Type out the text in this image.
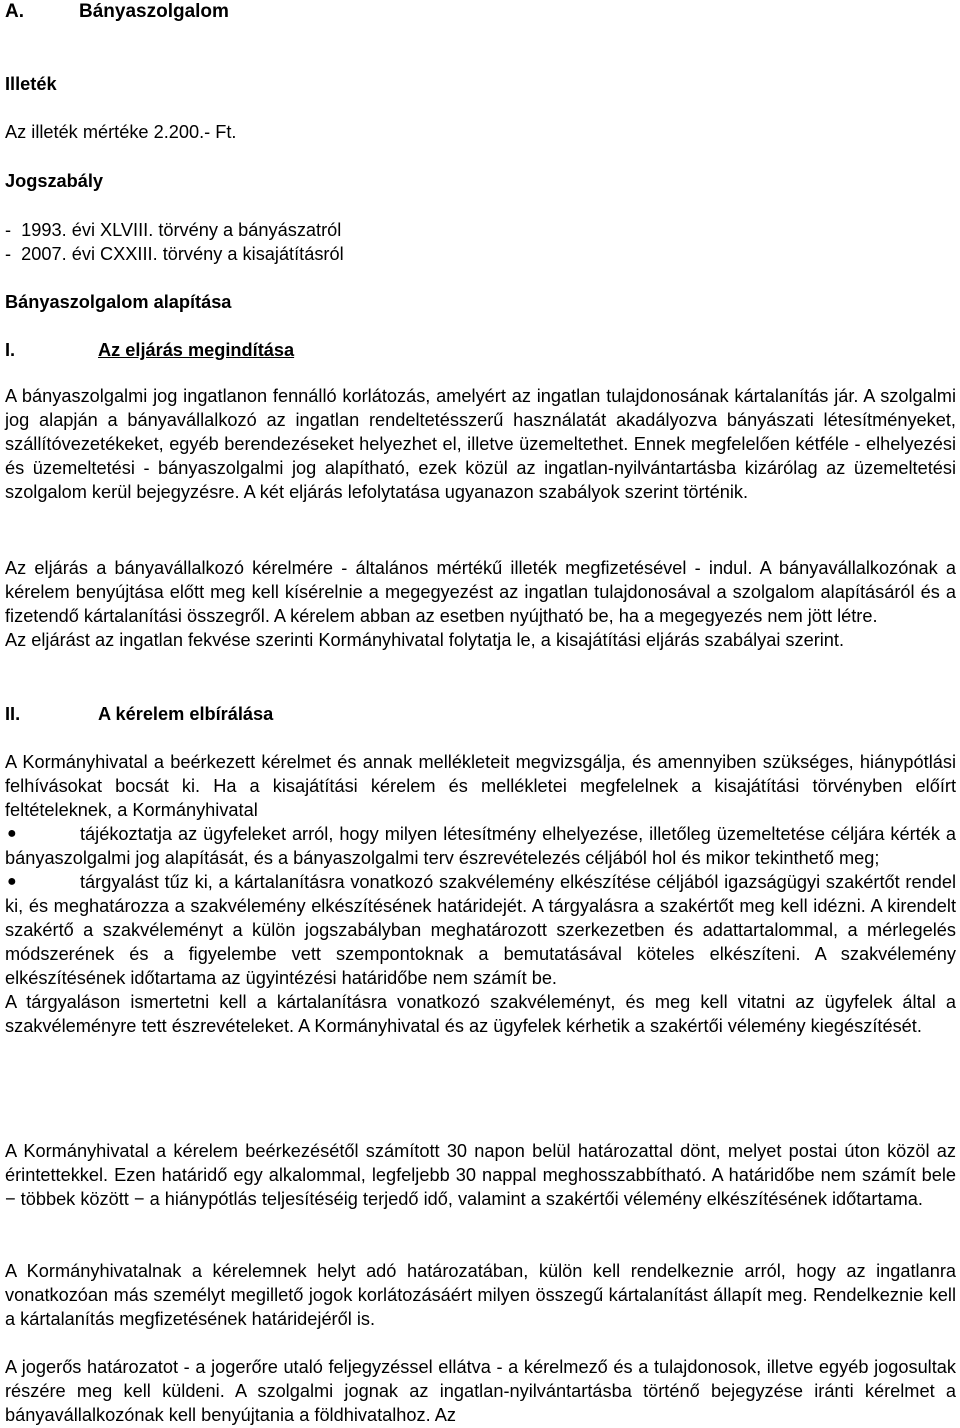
A.	Bányaszolgalom
Illeték
Az illeték mértéke 2.200.- Ft.
Jogszabály
-  1993. évi XLVIII. törvény a bányászatról
-  2007. évi CXXIII. törvény a kisajátításról
Bányaszolgalom alapítása
I.	Az eljárás megindítása

A bányaszolgalmi jog ingatlanon fennálló korlátozás, amelyért az ingatlan tulajdonosának kártalanítás jár. A szolgalmi jog alapján a bányavállalkozó az ingatlan rendeltetésszerű használatát akadályozva bányászati létesítményeket, szállítóvezetékeket, egyéb berendezéseket helyezhet el, illetve üzemeltethet. Ennek megfelelően kétféle - elhelyezési és üzemeltetési - bányaszolgalmi jog alapítható, ezek közül az ingatlan-nyilvántartásba kizárólag az üzemeltetési szolgalom kerül bejegyzésre. A két eljárás lefolytatása ugyanazon szabályok szerint történik.

Az eljárás a bányavállalkozó kérelmére - általános mértékű illeték megfizetésével - indul. A bányavállalkozónak a kérelem benyújtása előtt meg kell kísérelnie a megegyezést az ingatlan tulajdonosával a szolgalom alapításáról és a fizetendő kártalanítási összegről. A kérelem abban az esetben nyújtható be, ha a megegyezés nem jött létre.

Az eljárást az ingatlan fekvése szerinti Kormányhivatal folytatja le, a kisajátítási eljárás szabályai szerint.

II.	A kérelem elbírálása

A Kormányhivatal a beérkezett kérelmet és annak mellékleteit megvizsgálja, és amennyiben szükséges, hiánypótlási felhívásokat bocsát ki. Ha a kisajátítási kérelem és mellékletei megfelelnek a kisajátítási törvényben előírt feltételeknek, a Kormányhivatal

●	tájékoztatja az ügyfeleket arról, hogy milyen létesítmény elhelyezése, illetőleg üzemeltetése céljára kérték a bányaszolgalmi jog alapítását, és a bányaszolgalmi terv észrevételezés céljából hol és mikor tekinthető meg;
●	tárgyalást tűz ki, a kártalanításra vonatkozó szakvélemény elkészítése céljából igazságügyi szakértőt rendel ki, és meghatározza a szakvélemény elkészítésének határidejét. A tárgyalásra a szakértőt meg kell idézni. A kirendelt szakértő a szakvéleményt a külön jogszabályban meghatározott szerkezetben és adattartalommal, a mérlegelés módszerének és a figyelembe vett szempontoknak a bemutatásával köteles elkészíteni. A szakvélemény elkészítésének időtartama az ügyintézési határidőbe nem számít be.

A tárgyaláson ismertetni kell a kártalanításra vonatkozó szakvéleményt, és meg kell vitatni az ügyfelek által a szakvéleményre tett észrevételeket. A Kormányhivatal és az ügyfelek kérhetik a szakértői vélemény kiegészítését.

A Kormányhivatal a kérelem beérkezésétől számított 30 napon belül határozattal dönt, melyet postai úton közöl az érintettekkel. Ezen határidő egy alkalommal, legfeljebb 30 nappal meghosszabbítható. A határidőbe nem számít bele − többek között − a hiánypótlás teljesítéséig terjedő idő, valamint a szakértői vélemény elkészítésének időtartama.

A Kormányhivatalnak a kérelemnek helyt adó határozatában, külön kell rendelkeznie arról, hogy az ingatlanra vonatkozóan más személyt megillető jogok korlátozásáért milyen összegű kártalanítást állapít meg. Rendelkeznie kell a kártalanítás megfizetésének határidejéről is.

A jogerős határozatot - a jogerőre utaló feljegyzéssel ellátva - a kérelmező és a tulajdonosok, illetve egyéb jogosultak részére meg kell küldeni. A szolgalmi jognak az ingatlan-nyilvántartásba történő bejegyzése iránti kérelmet a bányavállalkozónak kell benyújtania a földhivatalhoz. Az
